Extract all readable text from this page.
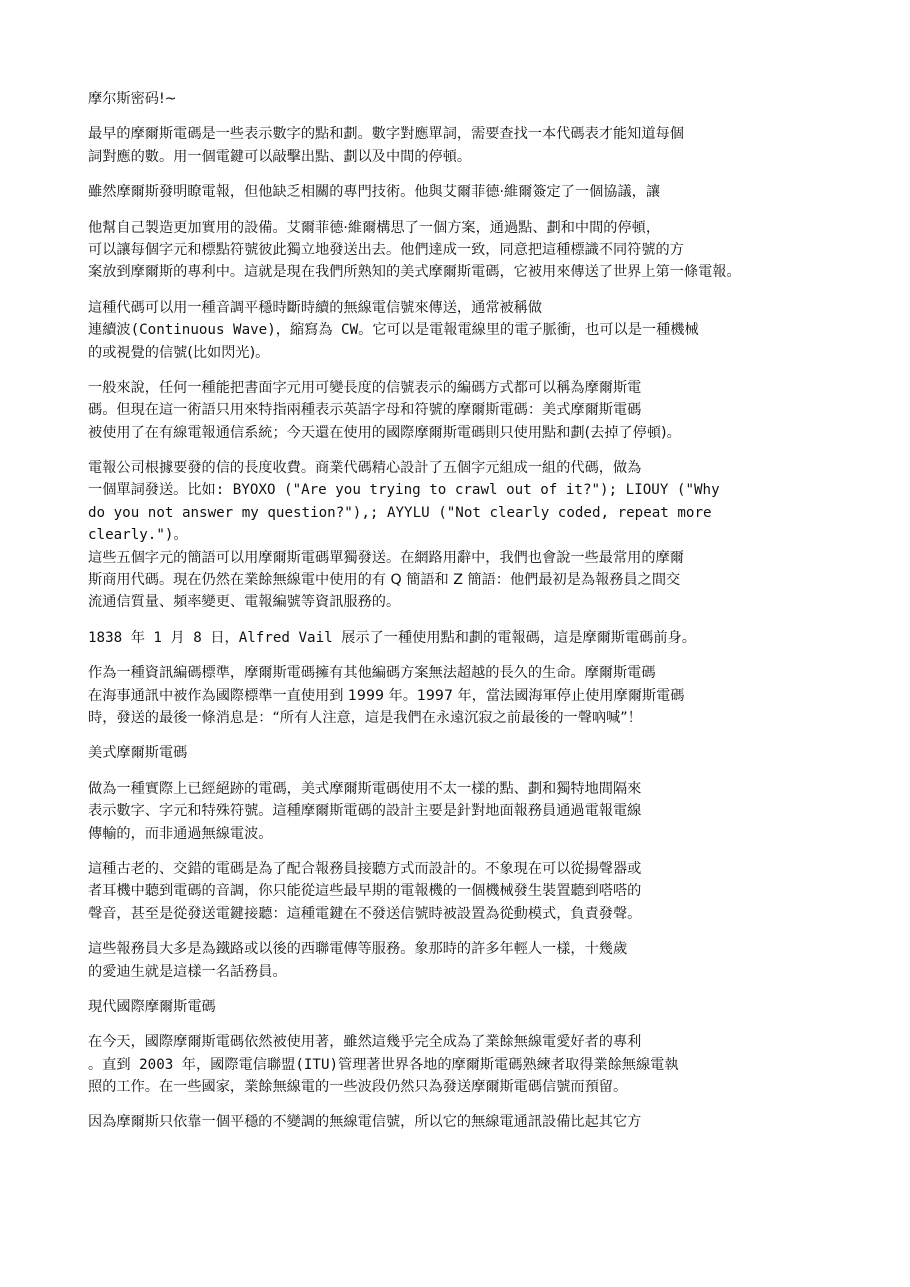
摩尔斯密码!~
最早的摩爾斯電碼是一些表示數字的點和劃。數字對應單詞，需要查找一本代碼表才能知道每個
詞對應的數。用一個電鍵可以敲擊出點、劃以及中間的停頓。
雖然摩爾斯發明瞭電報，但他缺乏相關的專門技術。他與艾爾菲德·維爾簽定了一個協議，讓
他幫自己製造更加實用的設備。艾爾菲德·維爾構思了一個方案，通過點、劃和中間的停頓，
可以讓每個字元和標點符號彼此獨立地發送出去。他們達成一致，同意把這種標識不同符號的方
案放到摩爾斯的專利中。這就是現在我們所熟知的美式摩爾斯電碼，它被用來傳送了世界上第一條電報。
這種代碼可以用一種音調平穩時斷時續的無線電信號來傳送，通常被稱做
連續波(Continuous Wave)，縮寫為 CW。它可以是電報電線里的電子脈衝，也可以是一種機械
的或視覺的信號(比如閃光)。
一般來說，任何一種能把書面字元用可變長度的信號表示的編碼方式都可以稱為摩爾斯電
碼。但現在這一術語只用來特指兩種表示英語字母和符號的摩爾斯電碼：美式摩爾斯電碼
被使用了在有線電報通信系統；今天還在使用的國際摩爾斯電碼則只使用點和劃(去掉了停頓)。
電報公司根據要發的信的長度收費。商業代碼精心設計了五個字元組成一組的代碼，做為
一個單詞發送。比如: BYOXO ("Are you trying to crawl out of it?"); LIOUY ("Why
do you not answer my question?"),; AYYLU ("Not clearly coded, repeat more
clearly.")。
這些五個字元的簡語可以用摩爾斯電碼單獨發送。在網路用辭中，我們也會說一些最常用的摩爾
斯商用代碼。現在仍然在業餘無線電中使用的有 Q 簡語和 Z 簡語：他們最初是為報務員之間交
流通信質量、頻率變更、電報編號等資訊服務的。
1838 年 1 月 8 日，Alfred Vail 展示了一種使用點和劃的電報碼，這是摩爾斯電碼前身。
作為一種資訊編碼標準，摩爾斯電碼擁有其他編碼方案無法超越的長久的生命。摩爾斯電碼
在海事通訊中被作為國際標準一直使用到 1999 年。1997 年，當法國海軍停止使用摩爾斯電碼
時，發送的最後一條消息是：“所有人注意，這是我們在永遠沉寂之前最後的一聲吶喊”！
美式摩爾斯電碼
做為一種實際上已經絕跡的電碼，美式摩爾斯電碼使用不太一樣的點、劃和獨特地間隔來
表示數字、字元和特殊符號。這種摩爾斯電碼的設計主要是針對地面報務員通過電報電線
傳輸的，而非通過無線電波。
這種古老的、交錯的電碼是為了配合報務員接聽方式而設計的。不象現在可以從揚聲器或
者耳機中聽到電碼的音調，你只能從這些最早期的電報機的一個機械發生裝置聽到嗒嗒的
聲音，甚至是從發送電鍵接聽：這種電鍵在不發送信號時被設置為從動模式，負責發聲。
這些報務員大多是為鐵路或以後的西聯電傳等服務。象那時的許多年輕人一樣，十幾歲
的愛迪生就是這樣一名話務員。
現代國際摩爾斯電碼
在今天，國際摩爾斯電碼依然被使用著，雖然這幾乎完全成為了業餘無線電愛好者的專利
。直到 2003 年，國際電信聯盟(ITU)管理著世界各地的摩爾斯電碼熟練者取得業餘無線電執
照的工作。在一些國家，業餘無線電的一些波段仍然只為發送摩爾斯電碼信號而預留。
因為摩爾斯只依靠一個平穩的不變調的無線電信號，所以它的無線電通訊設備比起其它方
